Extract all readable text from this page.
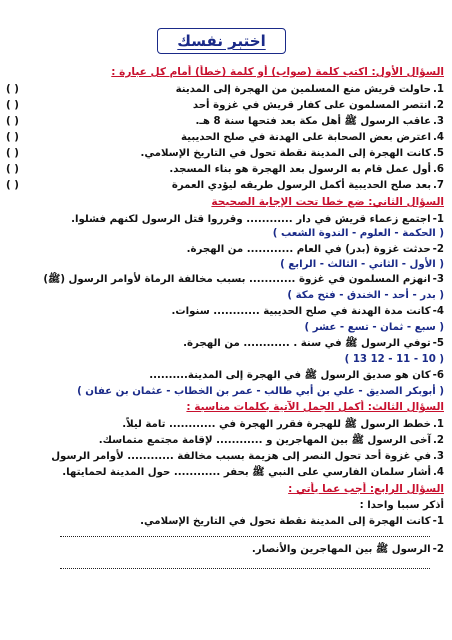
اختبر نفسك
السؤال الأول: اكتب كلمة (صواب) أو كلمة (خطأ) أمام كل عبارة :
1.
حاولت قريش منع المسلمين من الهجرة إلى المدينة
( )
2.
انتصر المسلمون على كفار قريش في غزوة أحد
( )
3.
عاقب الرسول ﷺ أهل مكة بعد فتحها سنة 8 هـ.
( )
4.
اعترض بعض الصحابة على الهدنة في صلح الحديبية
( )
5.
كانت الهجرة إلى المدينة نقطة تحول في التاريخ الإسلامي.
( )
6.
أول عمل قام به الرسول بعد الهجرة هو بناء المسجد.
( )
7.
بعد صلح الحديبية أكمل الرسول طريقه ليؤدي العمرة
( )
السؤال الثاني: ضع خطا تحت الإجابة الصحيحة
1-
اجتمع زعماء قريش في دار ............ وقرروا قتل الرسول لكنهم فشلوا.
( الحكمة - العلوم - الندوة الشعب )
2-
حدثت غزوة (بدر) في العام ............ من الهجرة.
( الأول - الثاني - الثالث - الرابع )
3-
انهزم المسلمون في غزوة ............ بسبب مخالفة الرماة لأوامر الرسول (ﷺ)
( بدر - أحد - الخندق - فتح مكة )
4-
كانت مدة الهدنة في صلح الحديبية ............ سنوات.
( سبع - ثمان - تسع - عشر )
5-
توفي الرسول ﷺ في سنة . ............ من الهجرة.
( 10 - 11 - 12 13 )
6-
كان هو صديق الرسول ﷺ في الهجرة إلى المدينة..........
( أبوبكر الصديق - علي بن أبي طالب - عمر بن الخطاب - عثمان بن عفان )
السؤال الثالث: أكمل الجمل الآتية بكلمات مناسبة :
1.
خطط الرسول ﷺ للهجرة فقرر الهجرة في ............ تامة ليلاً.
2.
آخى الرسول ﷺ بين المهاجرين و ............ لإقامة مجتمع متماسك.
3.
في غزوة أحد تحول النصر إلى هزيمة بسبب مخالفة ............ لأوامر الرسول
4.
أشار سلمان الفارسي على النبي ﷺ بحفر ............ حول المدينة لحمايتها.
السؤال الرابع: أجب عما يأتي :
أذكر سببا واحدا :
1-
كانت الهجرة إلى المدينة نقطة تحول في التاريخ الإسلامي.
2-
الرسول ﷺ بين المهاجرين والأنصار.
